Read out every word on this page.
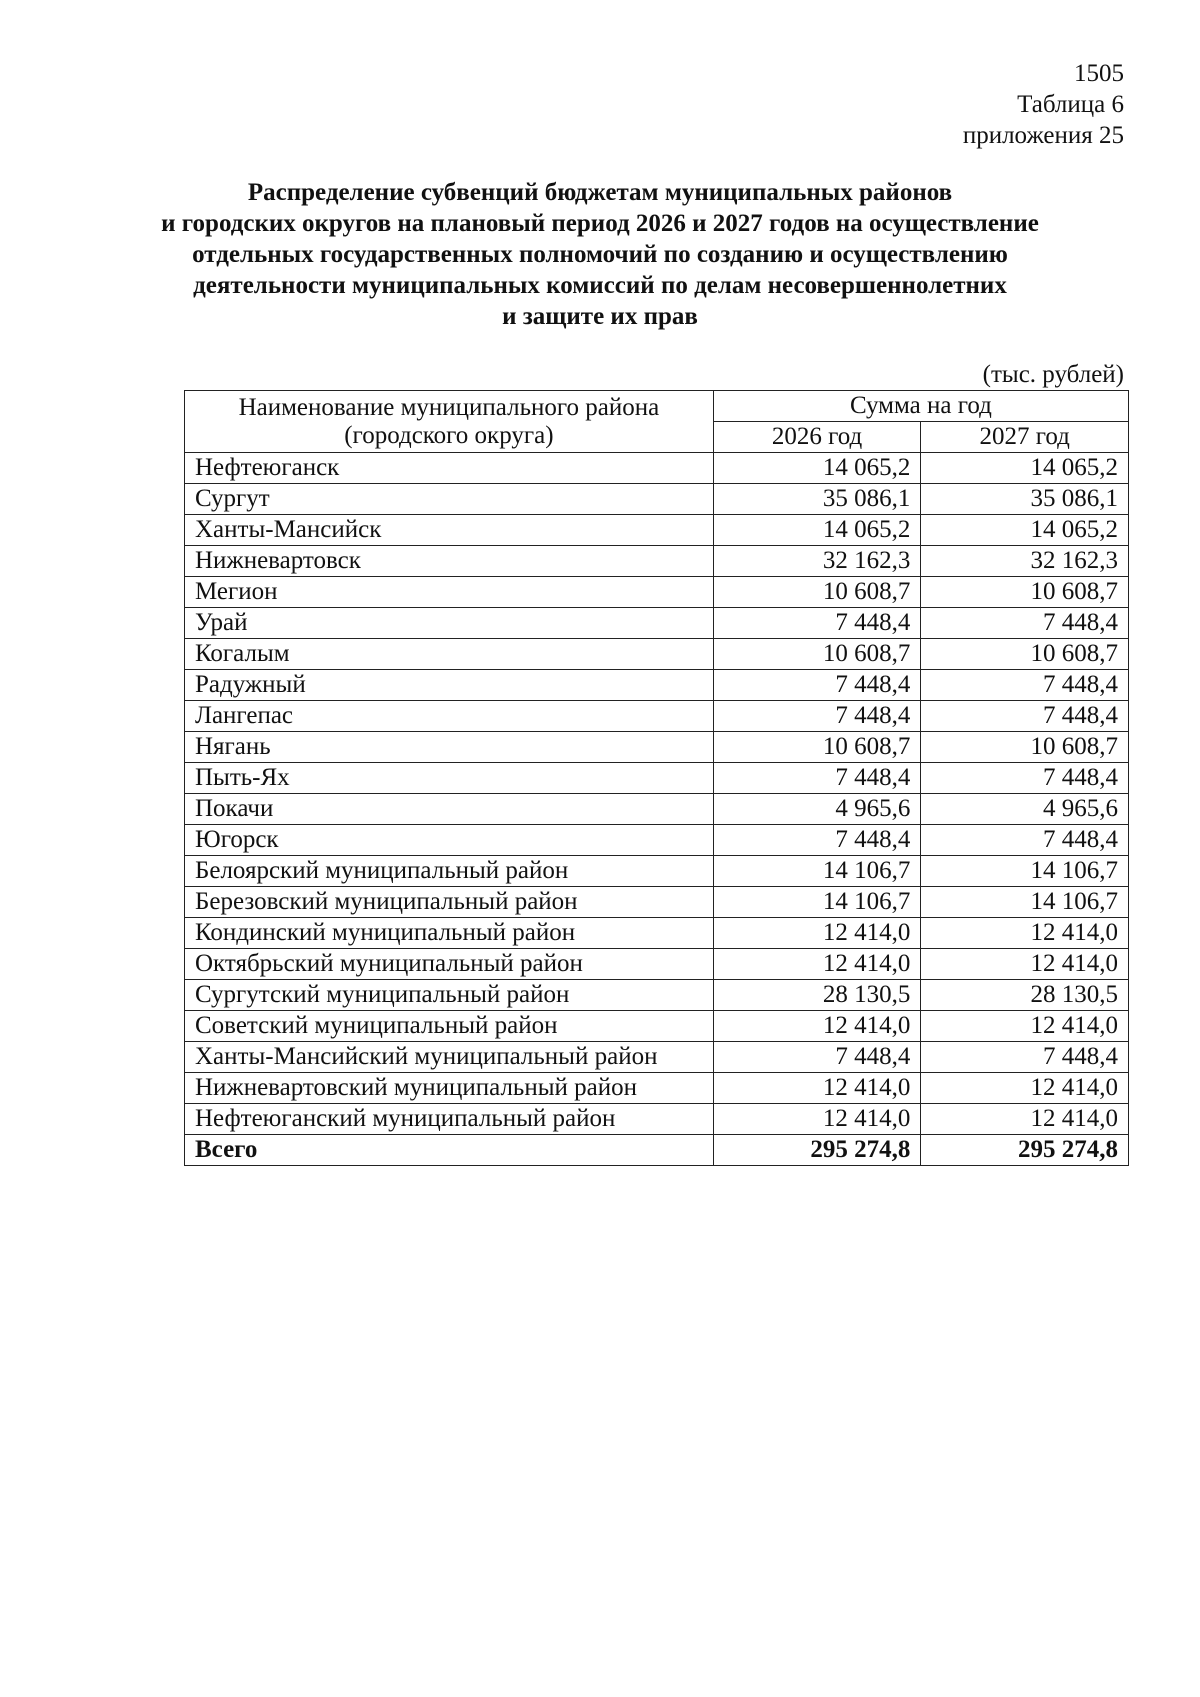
1505
Таблица 6
приложения 25
Распределение субвенций бюджетам муниципальных районов
и городских округов на плановый период 2026 и 2027 годов на осуществление
отдельных государственных полномочий по созданию и осуществлению
деятельности муниципальных комиссий по делам несовершеннолетних
и защите их прав
(тыс. рублей)
Наименование муниципального района
(городского округа)	Сумма на год	
	2026 год	2027 год
Нефтеюганск	14 065,2	14 065,2
Сургут	35 086,1	35 086,1
Ханты-Мансийск	14 065,2	14 065,2
Нижневартовск	32 162,3	32 162,3
Мегион	10 608,7	10 608,7
Урай	7 448,4	7 448,4
Когалым	10 608,7	10 608,7
Радужный	7 448,4	7 448,4
Лангепас	7 448,4	7 448,4
Нягань	10 608,7	10 608,7
Пыть-Ях	7 448,4	7 448,4
Покачи	4 965,6	4 965,6
Югорск	7 448,4	7 448,4
Белоярский муниципальный район	14 106,7	14 106,7
Березовский муниципальный район	14 106,7	14 106,7
Кондинский муниципальный район	12 414,0	12 414,0
Октябрьский муниципальный район	12 414,0	12 414,0
Сургутский муниципальный район	28 130,5	28 130,5
Советский муниципальный район	12 414,0	12 414,0
Ханты-Мансийский муниципальный район	7 448,4	7 448,4
Нижневартовский муниципальный район	12 414,0	12 414,0
Нефтеюганский муниципальный район	12 414,0	12 414,0
Всего	295 274,8	295 274,8
